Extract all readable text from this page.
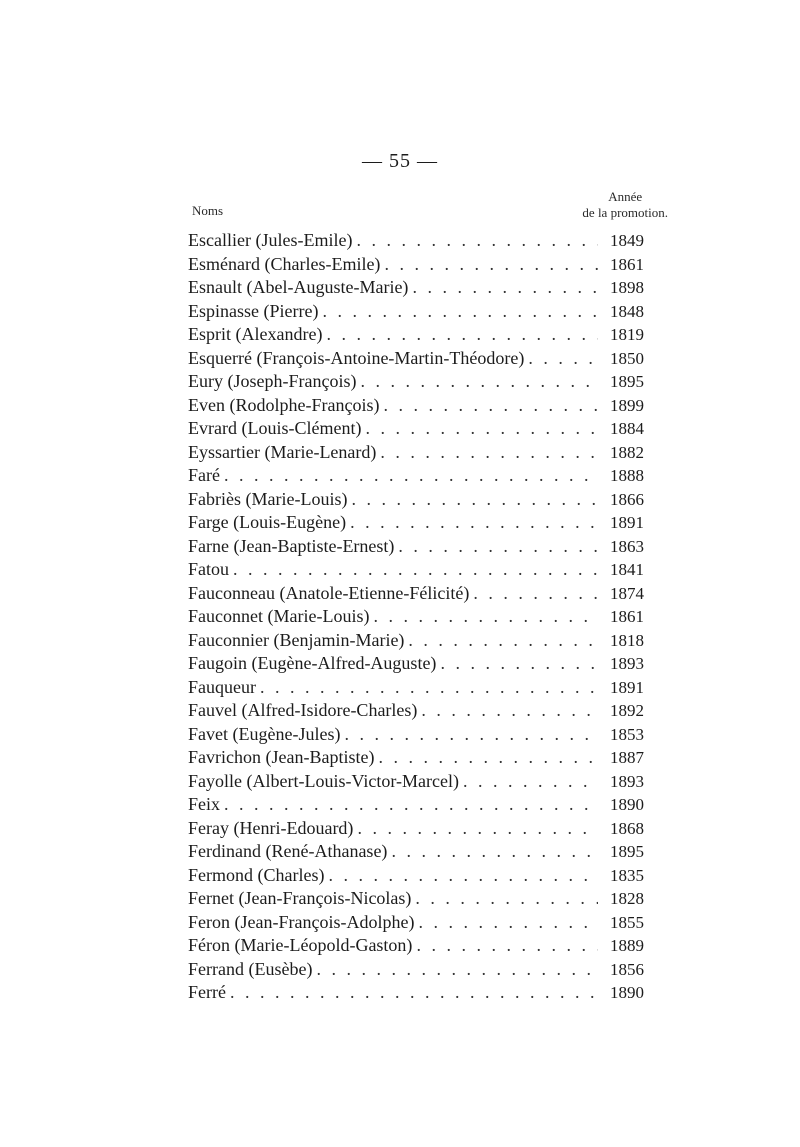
— 55 —
Noms
Année
de la promotion.
Escallier (Jules-Emile) . . .	1849
Esménard (Charles-Emile) . . .	1861
Esnault (Abel-Auguste-Marie) . . .	1898
Espinasse (Pierre) . . .	1848
Esprit (Alexandre) . . .	1819
Esquerré (François-Antoine-Martin-Théodore) . . .	1850
Eury (Joseph-François) . . .	1895
Even (Rodolphe-François) . . .	1899
Evrard (Louis-Clément) . . .	1884
Eyssartier (Marie-Lenard) . . .	1882
Faré . . .	1888
Fabriès (Marie-Louis) . . .	1866
Farge (Louis-Eugène) . . .	1891
Farne (Jean-Baptiste-Ernest) . . .	1863
Fatou . . .	1841
Fauconneau (Anatole-Etienne-Félicité) . . .	1874
Fauconnet (Marie-Louis) . . .	1861
Fauconnier (Benjamin-Marie) . . .	1818
Faugoin (Eugène-Alfred-Auguste) . . .	1893
Fauqueur . . .	1891
Fauvel (Alfred-Isidore-Charles) . . .	1892
Favet (Eugène-Jules) . . .	1853
Favrichon (Jean-Baptiste) . . .	1887
Fayolle (Albert-Louis-Victor-Marcel) . . .	1893
Feix . . .	1890
Feray (Henri-Edouard) . . .	1868
Ferdinand (René-Athanase) . . .	1895
Fermond (Charles) . . .	1835
Fernet (Jean-François-Nicolas) . . .	1828
Feron (Jean-François-Adolphe) . . .	1855
Féron (Marie-Léopold-Gaston) . . .	1889
Ferrand (Eusèbe) . . .	1856
Ferré . . .	1890
